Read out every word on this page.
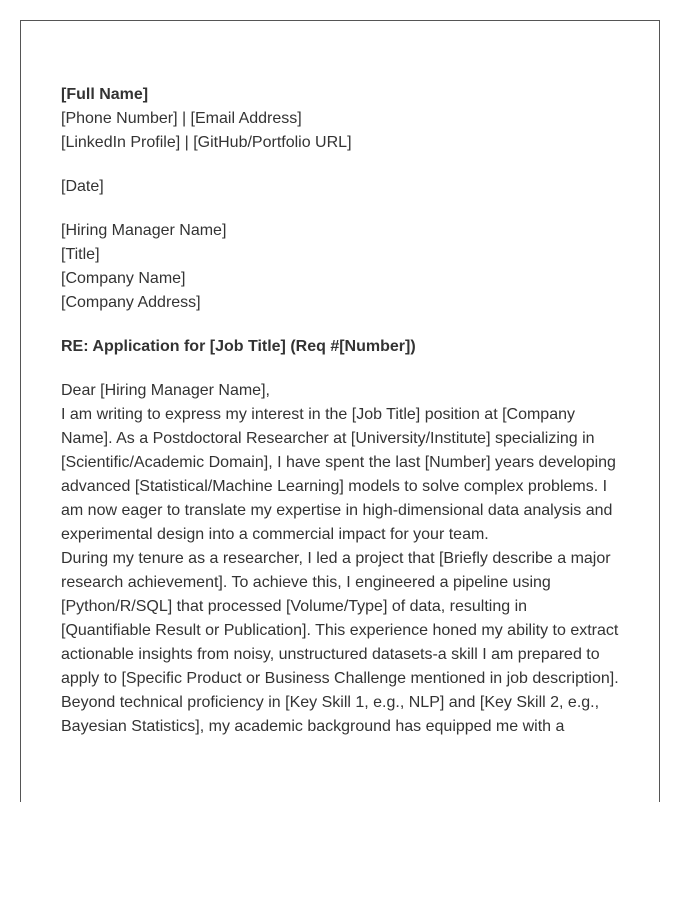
[Full Name]
[Phone Number] | [Email Address]
[LinkedIn Profile] | [GitHub/Portfolio URL]
[Date]
[Hiring Manager Name]
[Title]
[Company Name]
[Company Address]
RE: Application for [Job Title] (Req #[Number])
Dear [Hiring Manager Name],
I am writing to express my interest in the [Job Title] position at [Company
Name]. As a Postdoctoral Researcher at [University/Institute] specializing in
[Scientific/Academic Domain], I have spent the last [Number] years developing
advanced [Statistical/Machine Learning] models to solve complex problems. I
am now eager to translate my expertise in high-dimensional data analysis and
experimental design into a commercial impact for your team.
During my tenure as a researcher, I led a project that [Briefly describe a major
research achievement]. To achieve this, I engineered a pipeline using
[Python/R/SQL] that processed [Volume/Type] of data, resulting in
[Quantifiable Result or Publication]. This experience honed my ability to extract
actionable insights from noisy, unstructured datasets-a skill I am prepared to
apply to [Specific Product or Business Challenge mentioned in job description].
Beyond technical proficiency in [Key Skill 1, e.g., NLP] and [Key Skill 2, e.g.,
Bayesian Statistics], my academic background has equipped me with a
